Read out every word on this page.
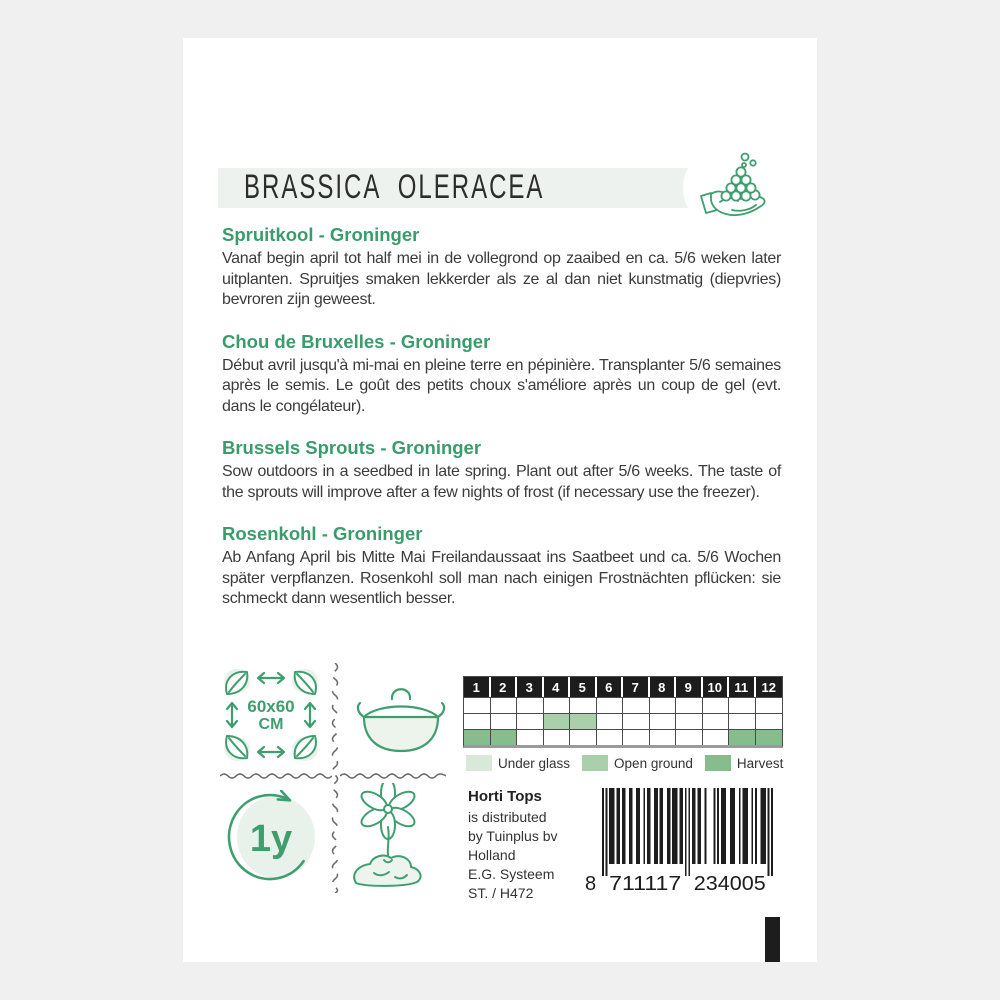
BRASSICA OLERACEA
Spruitkool - Groninger

Vanaf begin april tot half mei in de vollegrond op zaaibed en ca. 5/6 weken later uitplanten. Spruitjes smaken lekkerder als ze al dan niet kunstmatig (diepvries) bevroren zijn geweest.

Chou de Bruxelles - Groninger

Début avril jusqu'à mi-mai en pleine terre en pépinière. Transplanter 5/6 semaines après le semis. Le goût des petits choux s'améliore après un coup de gel (evt. dans le congélateur).

Brussels Sprouts - Groninger

Sow outdoors in a seedbed in late spring. Plant out after 5/6 weeks. The taste of the sprouts will improve after a few nights of frost (if necessary use the freezer).

Rosenkohl - Groninger

Ab Anfang April bis Mitte Mai Freilandaussaat ins Saatbeet und ca. 5/6 Wochen später verpflanzen. Rosenkohl soll man nach einigen Frostnächten pflücken: sie schmeckt dann wesentlich besser.

60x60
CM
1y
1	2	3	4	5	6	7	8	9	10 11	12
Under glass	Open ground	Harvest
Horti Tops
is distributed
by Tuinplus bv
Holland
E.G. Systeem
ST. / H472	8 711117 234005
